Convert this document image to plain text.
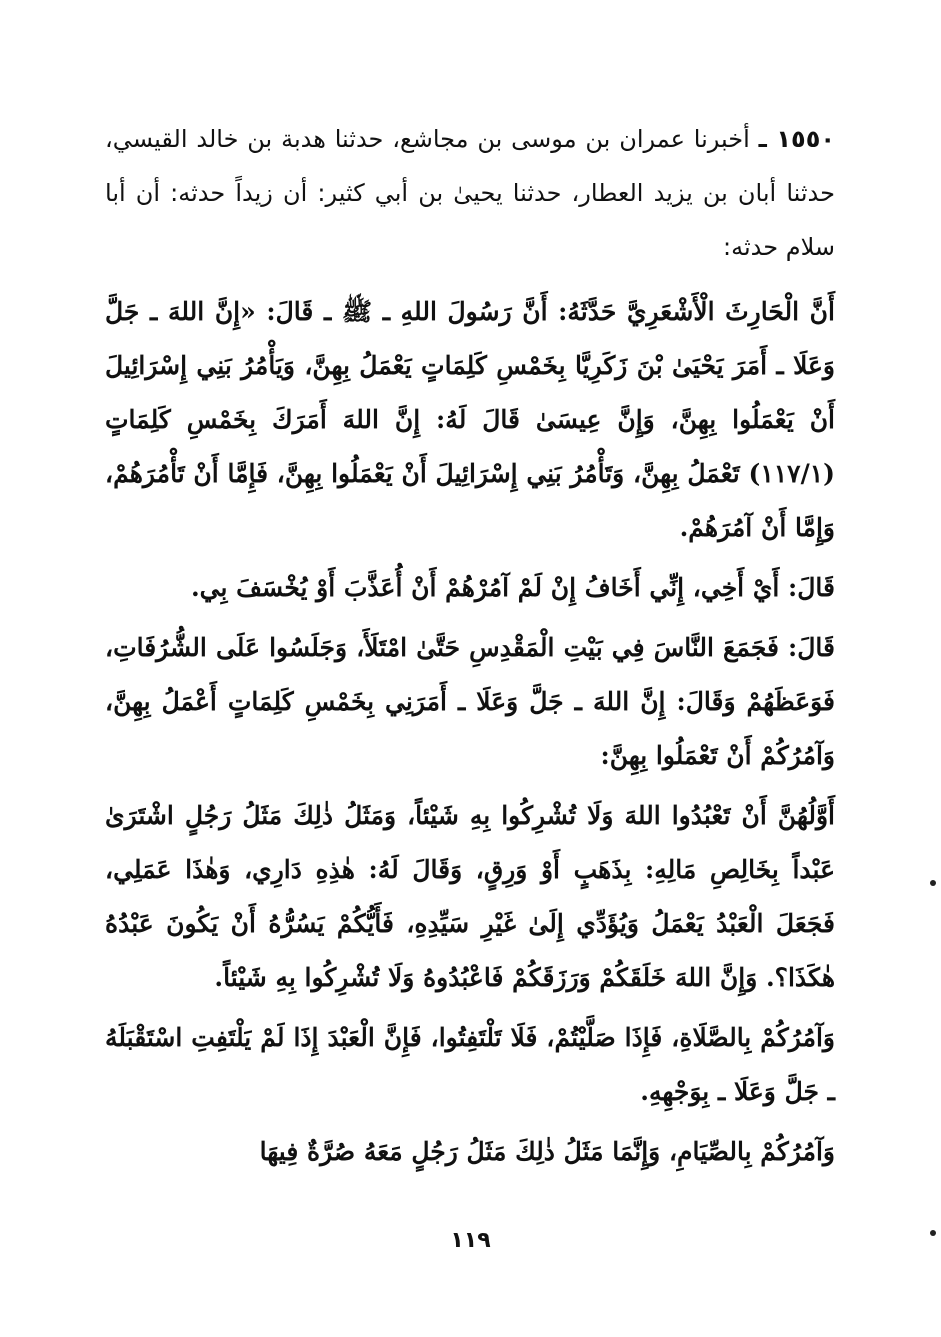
١٥٥٠ ـ أخبرنا عمران بن موسى بن مجاشع، حدثنا هدبة بن خالد القيسي، حدثنا أبان بن يزيد العطار، حدثنا يحيىٰ بن أبي كثير: أن زيداً حدثه: أن أبا سلام حدثه:

أَنَّ الْحَارِثَ الْأَشْعَرِيَّ حَدَّثَهُ: أَنَّ رَسُولَ اللهِ ـ ﷺ ـ قَالَ: «إِنَّ اللهَ ـ جَلَّ وَعَلَا ـ أَمَرَ يَحْيَىٰ بْنَ زَكَرِيَّا بِخَمْسِ كَلِمَاتٍ يَعْمَلُ بِهِنَّ، وَيَأْمُرُ بَنِي إِسْرَائِيلَ أَنْ يَعْمَلُوا بِهِنَّ، وَإِنَّ عِيسَىٰ قَالَ لَهُ: إِنَّ اللهَ أَمَرَكَ بِخَمْسِ كَلِمَاتٍ (١١٧/١) تَعْمَلُ بِهِنَّ، وَتَأْمُرُ بَنِي إِسْرَائِيلَ أَنْ يَعْمَلُوا بِهِنَّ، فَإِمَّا أَنْ تَأْمُرَهُمْ، وَإِمَّا أَنْ آمُرَهُمْ.

قَالَ: أَيْ أَخِي، إِنِّي أَخَافُ إِنْ لَمْ آمُرْهُمْ أَنْ أُعَذَّبَ أَوْ يُخْسَفَ بِي.

قَالَ: فَجَمَعَ النَّاسَ فِي بَيْتِ الْمَقْدِسِ حَتَّىٰ امْتَلَأَ، وَجَلَسُوا عَلَى الشُّرُفَاتِ، فَوَعَظَهُمْ وَقَالَ: إِنَّ اللهَ ـ جَلَّ وَعَلَا ـ أَمَرَنِي بِخَمْسِ كَلِمَاتٍ أَعْمَلُ بِهِنَّ، وَآمُرُكُمْ أَنْ تَعْمَلُوا بِهِنَّ:

أَوَّلُهُنَّ أَنْ تَعْبُدُوا اللهَ وَلَا تُشْرِكُوا بِهِ شَيْئاً، وَمَثَلُ ذٰلِكَ مَثَلُ رَجُلٍ اشْتَرَىٰ عَبْداً بِخَالِصِ مَالِهِ: بِذَهَبٍ أَوْ وَرِقٍ، وَقَالَ لَهُ: هٰذِهِ دَارِي، وَهٰذَا عَمَلِي، فَجَعَلَ الْعَبْدُ يَعْمَلُ وَيُؤَدِّي إِلَىٰ غَيْرِ سَيِّدِهِ، فَأَيُّكُمْ يَسُرُّهُ أَنْ يَكُونَ عَبْدُهُ هٰكَذَا؟. وَإِنَّ اللهَ خَلَقَكُمْ وَرَزَقَكُمْ فَاعْبُدُوهُ وَلَا تُشْرِكُوا بِهِ شَيْئاً.

وَآمُرُكُمْ بِالصَّلَاةِ، فَإِذَا صَلَّيْتُمْ، فَلَا تَلْتَفِتُوا، فَإِنَّ الْعَبْدَ إِذَا لَمْ يَلْتَفِتِ اسْتَقْبَلَهُ ـ جَلَّ وَعَلَا ـ بِوَجْهِهِ.

وَآمُرُكُمْ بِالصِّيَامِ، وَإِنَّمَا مَثَلُ ذٰلِكَ مَثَلُ رَجُلٍ مَعَهُ صُرَّةٌ فِيهَا

١١٩
